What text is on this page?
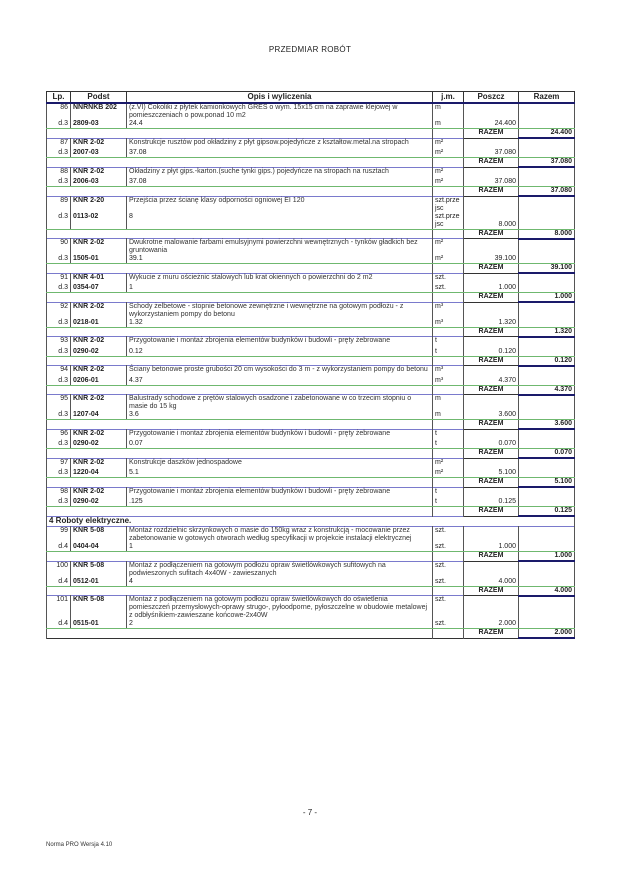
PRZEDMIAR ROBÓT
Lp.	Podst	Opis i wyliczenia	j.m.	Poszcz	Razem
86	NNRNKB 202	(z.VI) Cokoliki z płytek kamionkowych GRES o wym. 15x15 cm na zaprawie klejowej w pomieszczeniach o pow.ponad 10 m2	m		
d.3	2809-03	24.4	m	24.400	
				RAZEM	24.400
87	KNR 2-02	Konstrukcje rusztów pod okładziny z płyt gipsow.pojedyńcze z kształtow.metal.na stropach	m²		
d.3	2007-03	37.08	m²	37.080	
				RAZEM	37.080
88	KNR 2-02	Okładziny z płyt gips.-karton.(suche tynki gips.) pojedyńcze na stropach na rusztach	m²		
d.3	2006-03	37.08	m²	37.080	
				RAZEM	37.080
89	KNR 2-20	Przejścia przez ścianę klasy odporności ogniowej EI 120	szt.prze jsc		
d.3	0113-02	8	szt.prze jsc	8.000	
				RAZEM	8.000
90	KNR 2-02	Dwukrotne malowanie farbami emulsyjnymi powierzchni wewnętrznych - tynków gładkich bez gruntowania	m²		
d.3	1505-01	39.1	m²	39.100	
				RAZEM	39.100
91	KNR 4-01	Wykucie z muru ościeżnic stalowych lub krat okiennych o powierzchni do 2 m2	szt.		
d.3	0354-07	1	szt.	1.000	
				RAZEM	1.000
92	KNR 2-02	Schody żelbetowe - stopnie betonowe zewnętrzne i wewnętrzne na gotowym podłożu - z wykorzystaniem pompy do betonu	m³		
d.3	0218-01	1.32	m³	1.320	
				RAZEM	1.320
93	KNR 2-02	Przygotowanie i montaż zbrojenia elementów budynków i budowli - pręty żebrowane	t		
d.3	0290-02	0.12	t	0.120	
				RAZEM	0.120
94	KNR 2-02	Ściany betonowe proste grubości 20 cm wysokości do 3 m - z wykorzystaniem pompy do betonu	m³		
d.3	0206-01	4.37	m³	4.370	
				RAZEM	4.370
95	KNR 2-02	Balustrady schodowe z prętów stalowych osadzone i zabetonowane w co trzecim stopniu o masie do 15 kg	m		
d.3	1207-04	3.6	m	3.600	
				RAZEM	3.600
96	KNR 2-02	Przygotowanie i montaż zbrojenia elementów budynków i budowli - pręty żebrowane	t		
d.3	0290-02	0.07	t	0.070	
				RAZEM	0.070
97	KNR 2-02	Konstrukcje daszków jednospadowe	m²		
d.3	1220-04	5.1	m²	5.100	
				RAZEM	5.100
98	KNR 2-02	Przygotowanie i montaż zbrojenia elementów budynków i budowli - pręty żebrowane	t		
d.3	0290-02	.125	t	0.125	
				RAZEM	0.125
4 Roboty elektryczne.					
99	KNR 5-08	Montaż rozdzielnic skrzynkowych o masie do 150kg wraz z konstrukcją - mocowanie przez zabetonowanie w gotowych otworach według specyfikacji w projekcie instalacji elektrycznej	szt.		
d.4	0404-04	1	szt.	1.000	
				RAZEM	1.000
100	KNR 5-08	Montaż z podłączeniem na gotowym podłożu opraw świetlówkowych sufitowych na podwieszonych sufitach 4x40W - zawieszanych	szt.		
d.4	0512-01	4	szt.	4.000	
				RAZEM	4.000
101	KNR 5-08	Montaż z podłączeniem na gotowym podłożu opraw świetlówkowych do oświetlenia pomieszczeń przemysłowych-oprawy strugo-, pyłoodporne, pyłoszczelne w obudowie metalowej z odbłyśnikiem-zawieszane końcowe-2x40W	szt.		
d.4	0515-01	2	szt.	2.000	
				RAZEM	2.000
- 7 -
Norma PRO Wersja 4.10
